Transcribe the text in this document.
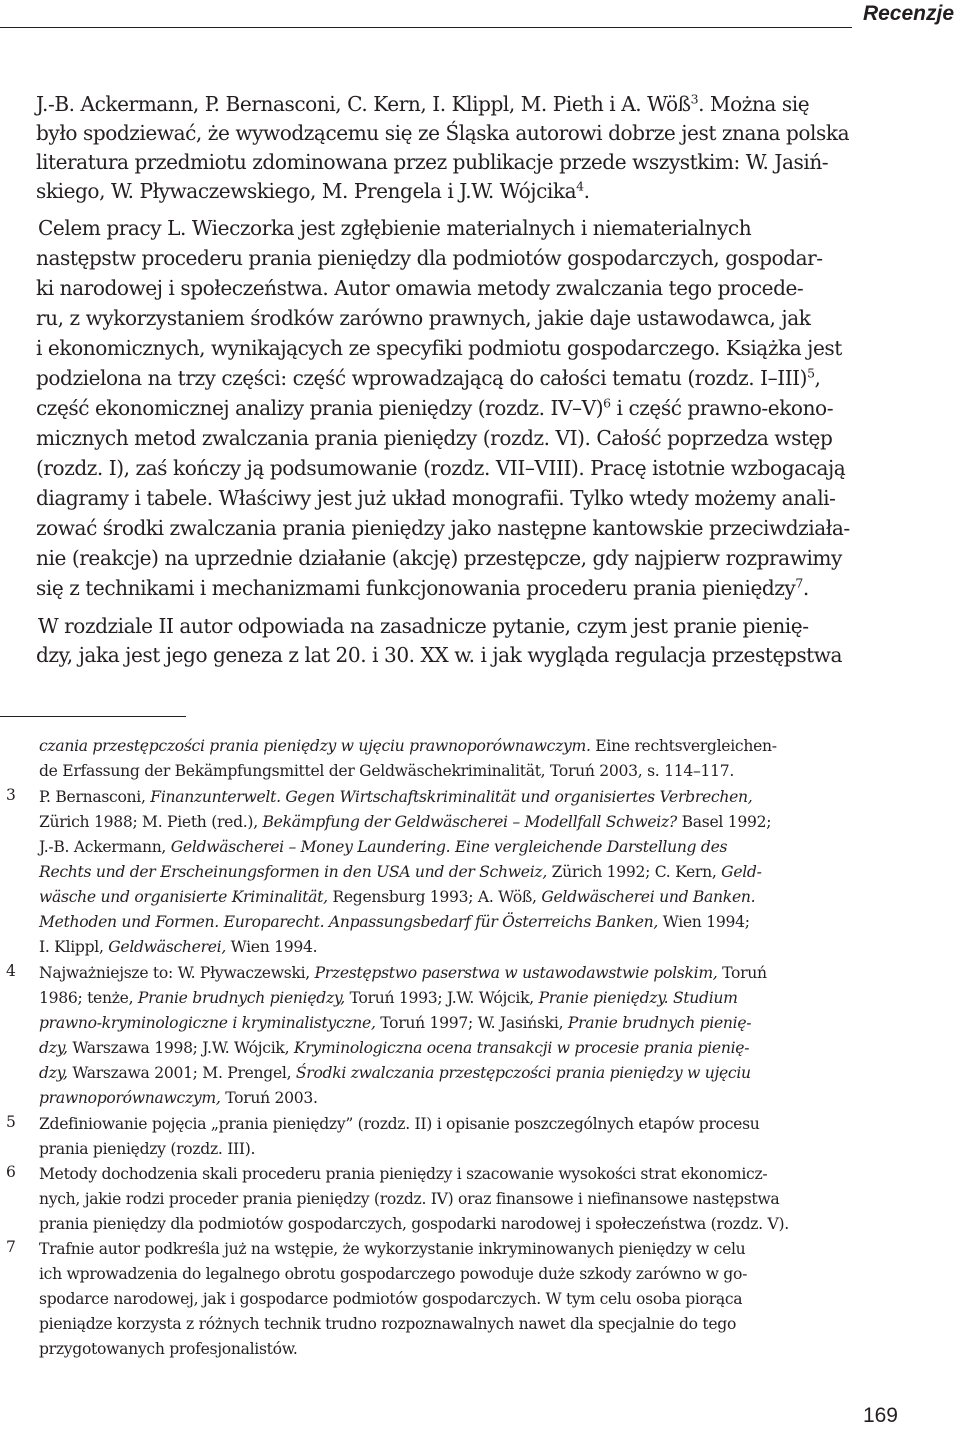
Recenzje

J.-B. Ackermann, P. Bernasconi, C. Kern, I. Klippl, M. Pieth i A. Wöß$^3$. Można się

było spodziewać, że wywodzącemu się ze Śląska autorowi dobrze jest znana polska

literatura przedmiotu zdominowana przez publikacje przede wszystkim: W. Jasiń-

skiego, W. Pływaczewskiego, M. Prengela i J.W. Wójcika$^4$.

Celem pracy L. Wieczorka jest zgłębienie materialnych i niematerialnych

następstw procederu prania pieniędzy dla podmiotów gospodarczych, gospodar-

ki narodowej i społeczeństwa. Autor omawia metody zwalczania tego procede-

ru, z wykorzystaniem środków zarówno prawnych, jakie daje ustawodawca, jak

i ekonomicznych, wynikających ze specyfiki podmiotu gospodarczego. Książka jest

podzielona na trzy części: część wprowadzającą do całości tematu (rozdz. I–III)$^5$,

część ekonomicznej analizy prania pieniędzy (rozdz. IV–V)$^6$ i część prawno-ekono-

micznych metod zwalczania prania pieniędzy (rozdz. VI). Całość poprzedza wstęp

(rozdz. I), zaś kończy ją podsumowanie (rozdz. VII–VIII). Pracę istotnie wzbogacają

diagramy i tabele. Właściwy jest już układ monografii. Tylko wtedy możemy anali-

zować środki zwalczania prania pieniędzy jako następne kantowskie przeciwdziała-

nie (reakcje) na uprzednie działanie (akcję) przestępcze, gdy najpierw rozprawimy

się z technikami i mechanizmami funkcjonowania procederu prania pieniędzy$^7$.

W rozdziale II autor odpowiada na zasadnicze pytanie, czym jest pranie pienię-

dzy, jaka jest jego geneza z lat 20. i 30. XX w. i jak wygląda regulacja przestępstwa

czania przestępczości prania pieniędzy w ujęciu prawnoporównawczym. Eine rechtsvergleichen-

de Erfassung der Bekämpfungsmittel der Geldwäschekriminalität, Toruń 2003, s. 114–117.

P. Bernasconi, Finanzunterwelt. Gegen Wirtschaftskriminalität und organisiertes Verbrechen,

Zürich 1988; M. Pieth (red.), Bekämpfung der Geldwäscherei – Modellfall Schweiz? Basel 1992;

J.-B. Ackermann, Geldwäscherei – Money Laundering. Eine vergleichende Darstellung des

Rechts und der Erscheinungsformen in den USA und der Schweiz, Zürich 1992; C. Kern, Geld-

wäsche und organisierte Kriminalität, Regensburg 1993; A. Wöß, Geldwäscherei und Banken.

Methoden und Formen. Europarecht. Anpassungsbedarf für Österreichs Banken, Wien 1994;

I. Klippl, Geldwäscherei, Wien 1994.

Najważniejsze to: W. Pływaczewski, Przestępstwo paserstwa w ustawodawstwie polskim, Toruń

1986; tenże, Pranie brudnych pieniędzy, Toruń 1993; J.W. Wójcik, Pranie pieniędzy. Studium

prawno-kryminologiczne i kryminalistyczne, Toruń 1997; W. Jasiński, Pranie brudnych pienię-

dzy, Warszawa 1998; J.W. Wójcik, Kryminologiczna ocena transakcji w procesie prania pienię-

dzy, Warszawa 2001; M. Prengel, Środki zwalczania przestępczości prania pieniędzy w ujęciu

prawnoporównawczym, Toruń 2003.

Zdefiniowanie pojęcia „prania pieniędzy” (rozdz. II) i opisanie poszczególnych etapów procesu

prania pieniędzy (rozdz. III).

Metody dochodzenia skali procederu prania pieniędzy i szacowanie wysokości strat ekonomicz-

nych, jakie rodzi proceder prania pieniędzy (rozdz. IV) oraz finansowe i niefinansowe następstwa

prania pieniędzy dla podmiotów gospodarczych, gospodarki narodowej i społeczeństwa (rozdz. V).

Trafnie autor podkreśla już na wstępie, że wykorzystanie inkryminowanych pieniędzy w celu

ich wprowadzenia do legalnego obrotu gospodarczego powoduje duże szkody zarówno w go-

spodarce narodowej, jak i gospodarce podmiotów gospodarczych. W tym celu osoba piorąca

pieniądze korzysta z różnych technik trudno rozpoznawalnych nawet dla specjalnie do tego

przygotowanych profesjonalistów.

3
4
5
6
7
169
